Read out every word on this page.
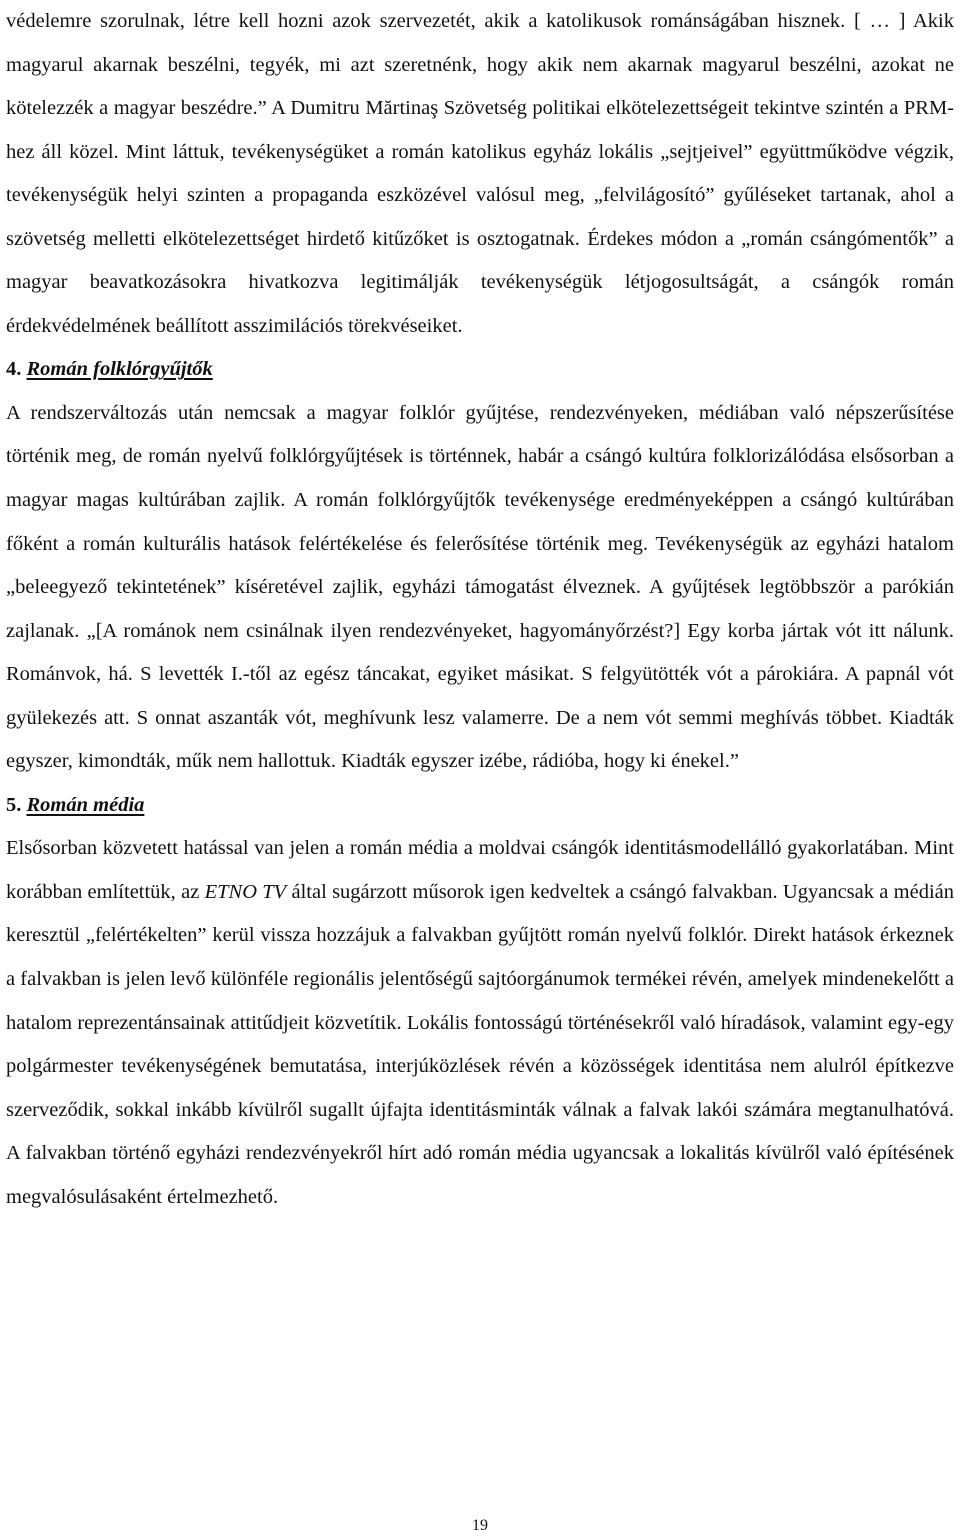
védelemre szorulnak, létre kell hozni azok szervezetét, akik a katolikusok románságában hisznek. [ … ] Akik magyarul akarnak beszélni, tegyék, mi azt szeretnénk, hogy akik nem akarnak magyarul beszélni, azokat ne kötelezzék a magyar beszédre.” A Dumitru Mărtinaş Szövetség politikai elkötelezettségeit tekintve szintén a PRM-hez áll közel. Mint láttuk, tevékenységüket a román katolikus egyház lokális „sejtjeivel” együttműködve végzik, tevékenységük helyi szinten a propaganda eszközével valósul meg, „felvilágosító” gyűléseket tartanak, ahol a szövetség melletti elkötelezettséget hirdető kitűzőket is osztogatnak. Érdekes módon a „román csángómentők” a magyar beavatkozásokra hivatkozva legitimálják tevékenységük létjogosultságát, a csángók román érdekvédelmének beállított asszimilációs törekvéseiket.

4. Román folklórgyűjtők

A rendszerváltozás után nemcsak a magyar folklór gyűjtése, rendezvényeken, médiában való népszerűsítése történik meg, de román nyelvű folklórgyűjtések is történnek, habár a csángó kultúra folklorizálódása elsősorban a magyar magas kultúrában zajlik. A román folklórgyűjtők tevékenysége eredményeképpen a csángó kultúrában főként a román kulturális hatások felértékelése és felerősítése történik meg. Tevékenységük az egyházi hatalom „beleegyező tekintetének” kíséretével zajlik, egyházi támogatást élveznek. A gyűjtések legtöbbször a parókián zajlanak. „[A románok nem csinálnak ilyen rendezvényeket, hagyományőrzést?] Egy korba jártak vót itt nálunk. Románvok, há. S levették I.-től az egész táncakat, egyiket másikat. S felgyütötték vót a párokiára. A papnál vót gyülekezés att. S onnat aszanták vót, meghívunk lesz valamerre. De a nem vót semmi meghívás többet. Kiadták egyszer, kimondták, műk nem hallottuk. Kiadták egyszer izébe, rádióba, hogy ki énekel.”

5. Román média

Elsősorban közvetett hatással van jelen a román média a moldvai csángók identitásmodellálló gyakorlatában. Mint korábban említettük, az ETNO TV által sugárzott műsorok igen kedveltek a csángó falvakban. Ugyancsak a médián keresztül „felértékelten” kerül vissza hozzájuk a falvakban gyűjtött román nyelvű folklór. Direkt hatások érkeznek a falvakban is jelen levő különféle regionális jelentőségű sajtóorgánumok termékei révén, amelyek mindenekelőtt a hatalom reprezentánsainak attitűdjeit közvetítik. Lokális fontosságú történésekről való híradások, valamint egy-egy polgármester tevékenységének bemutatása, interjúközlések révén a közösségek identitása nem alulról építkezve szerveződik, sokkal inkább kívülről sugallt újfajta identitásminták válnak a falvak lakói számára megtanulhatóvá. A falvakban történő egyházi rendezvényekről hírt adó román média ugyancsak a lokalitás kívülről való építésének megvalósulásaként értelmezhető.

19
